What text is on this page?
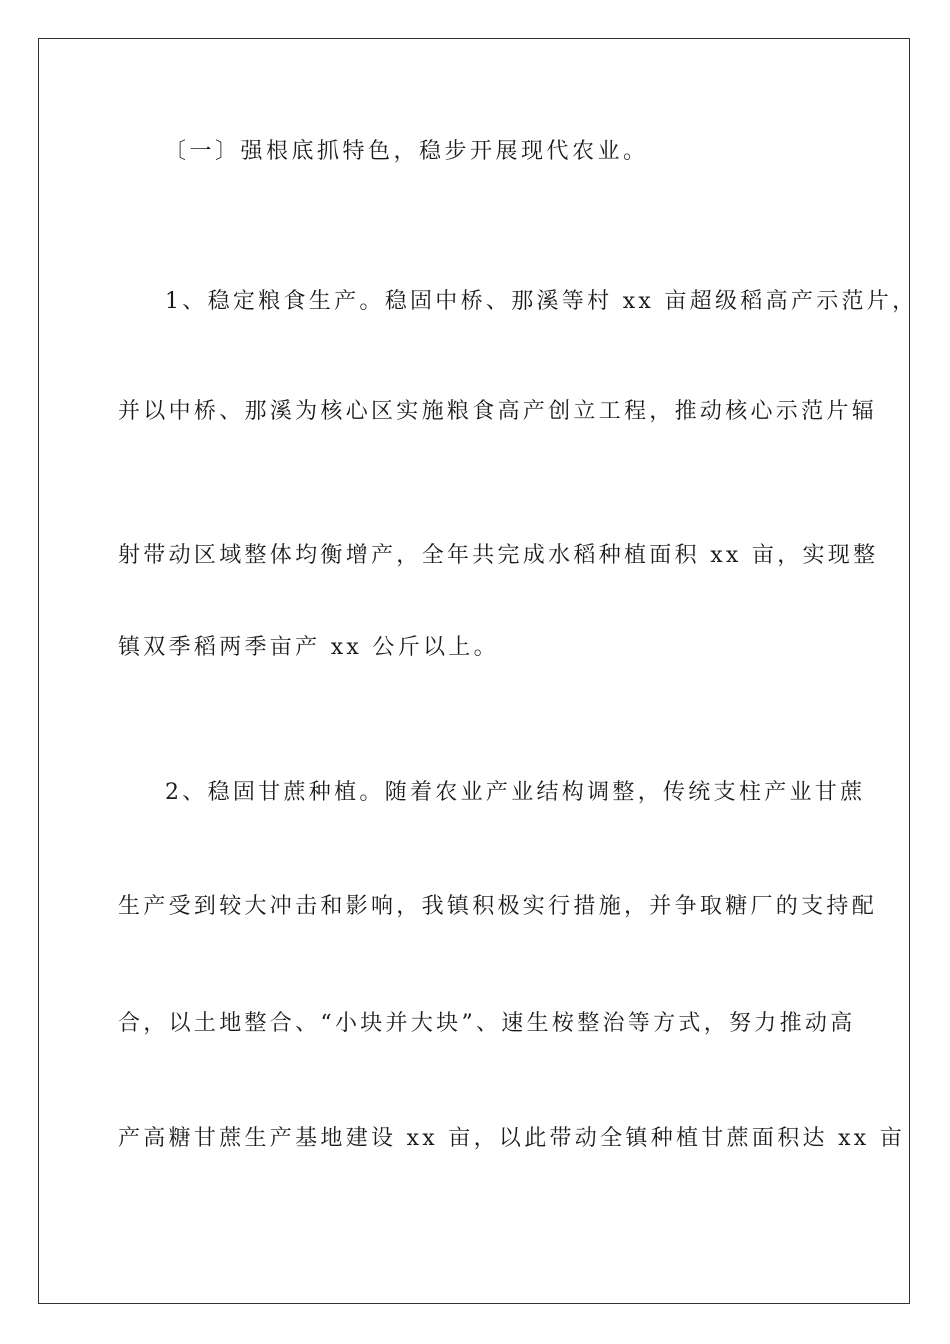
〔一〕强根底抓特色，稳步开展现代农业。
1、稳定粮食生产。稳固中桥、那溪等村 xx 亩超级稻高产示范片，
并以中桥、那溪为核心区实施粮食高产创立工程，推动核心示范片辐
射带动区域整体均衡增产，全年共完成水稻种植面积 xx 亩，实现整
镇双季稻两季亩产 xx 公斤以上。
2、稳固甘蔗种植。随着农业产业结构调整，传统支柱产业甘蔗
生产受到较大冲击和影响，我镇积极实行措施，并争取糖厂的支持配
合，以土地整合、“小块并大块”、速生桉整治等方式，努力推动高
产高糖甘蔗生产基地建设 xx 亩，以此带动全镇种植甘蔗面积达 xx 亩
